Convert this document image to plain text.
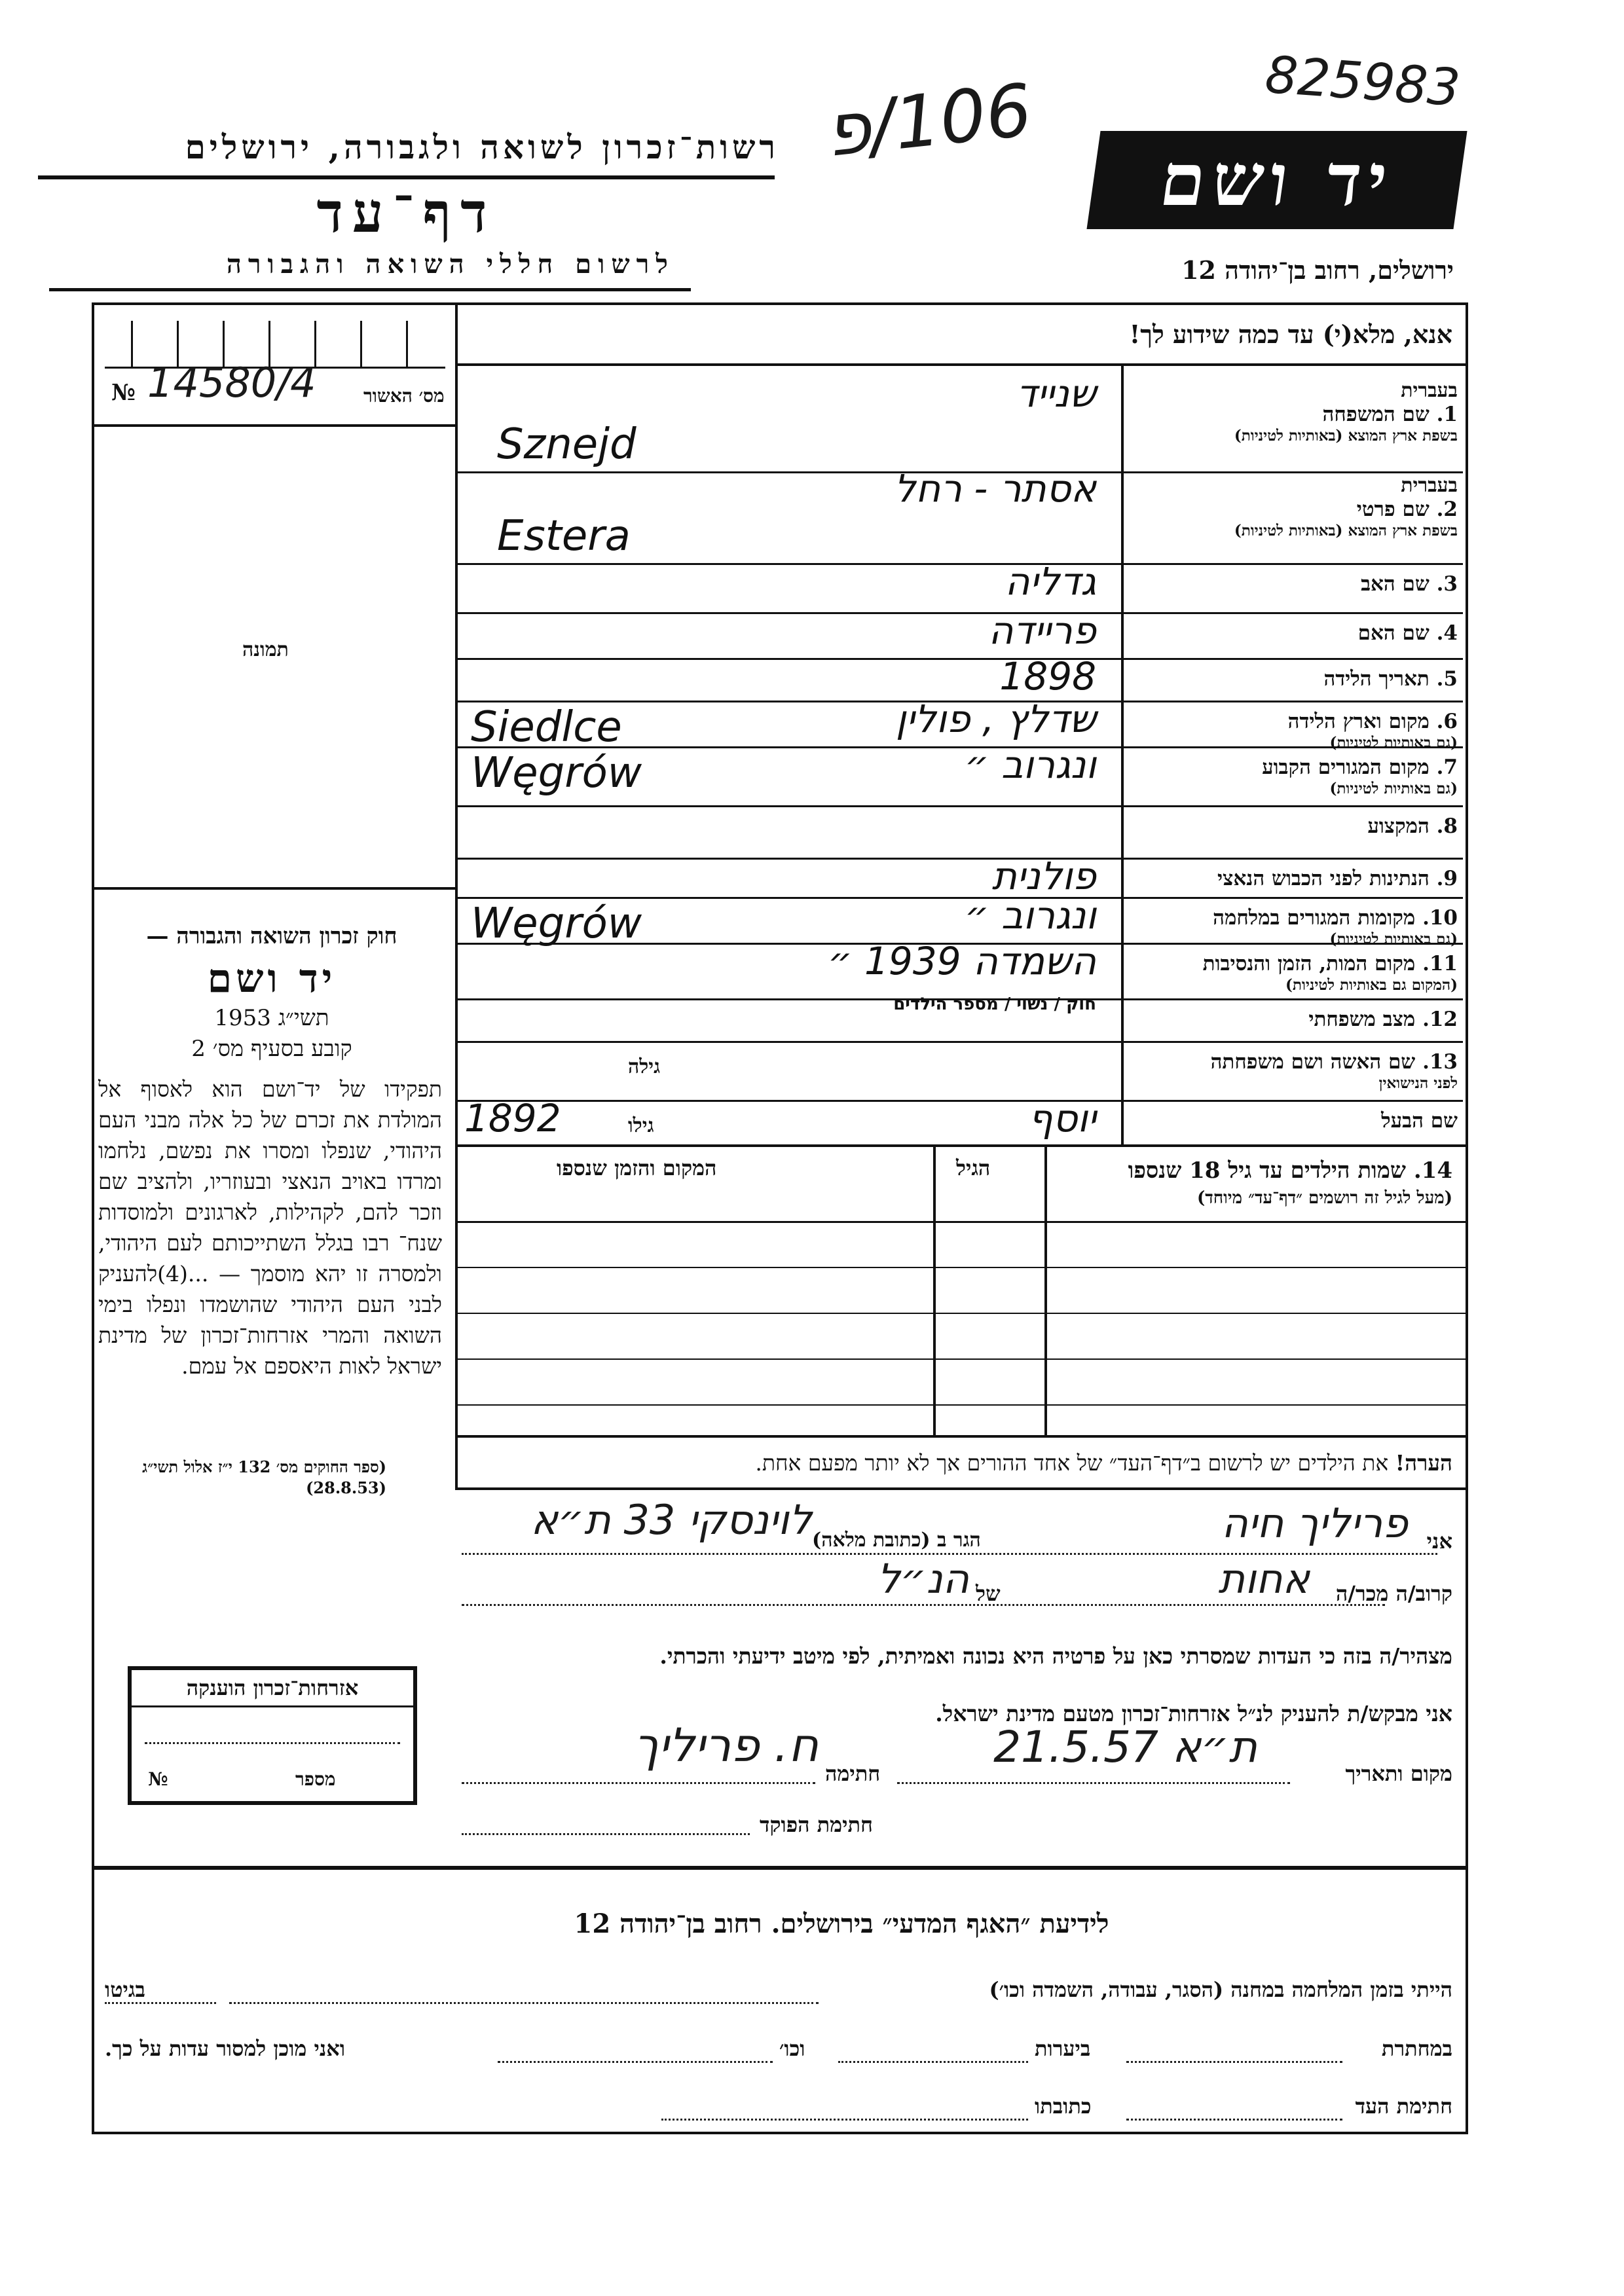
825983
106/פ
רשות־זכרון לשואה ולגבורה, ירושלים
דף־עד
לרשום חללי השואה והגבורה
יד ושם
ירושלים, רחוב בן־יהודה 12
אנא, מלא(י) עד כמה שידוע לך!
№ 14580/4	מס׳ האשור
תמונה
חוק זכרון השואה והגבורה —
יד ושם
תשי״ג 1953
קובע בסעיף מס׳ 2
תפקידו של יד־ושם הוא לאסוף אל המולדת את זכרם של כל אלה מבני העם היהודי, שנפלו ומסרו את נפשם, נלחמו ומרדו באויב הנאצי ובעוזריו, ולהציב שם וזכר להם, לקהילות, לארגונים ולמוסדות שנח־ רבו בגלל השתייכותם לעם היהודי, ולמסרה זו יהא מוסמך — ...(4)להעניק לבני העם היהודי שהושמדו ונפלו בימי השואה והמרי אזרחות־זכרון של מדינת ישראל לאות היאספם אל עמם.
(ספר החוקים מס׳ 132 י״ז אלול תשי״ג (28.8.53)
אזרחות־זכרון הוענקה
מספר
№
1. שם המשפחה
בשפת ארץ המוצא (באותיות לטיניות)
בעברית
שנייד
Sznejd
2. שם פרטי
בשפת ארץ המוצא (באותיות לטיניות)
בעברית
אסתר - רחל
Estera
3. שם האב
גדליה
4. שם האם
פריידה
5. תאריך הלידה
1898
6. מקום וארץ הלידה
(גם באותיות לטיניות)
שדלץ , פולין
Siedlce
7. מקום המגורים הקבוע
(גם באותיות לטיניות)
ונגרוב ״
Węgrów
8. המקצוע
9. הנתינות לפני הכבוש הנאצי
פולנית
10. מקומות המגורים במלחמה
(גם באותיות לטיניות)
ונגרוב ״
Węgrów
11. מקום המות, הזמן והנסיבות
(המקום גם באותיות לטיניות)
השמדה 1939 ״
12. מצב משפחתי
חוק / נשוי / מספר הילדים
13. שם האשה ושם משפחתה
לפני הנישואין
גילה
שם הבעל
יוסף
גילו
1892
14. שמות הילדים עד גיל 18 שנספו
(מעל לגיל זה רושמים ״דף־עד״ מיוחד)
הגיל
המקום והזמן שנספו
הערה! את הילדים יש לרשום ב״דף־העד״ של אחד ההורים אך לא יותר מפעם אחת.
אני
פריליך חיה
הגר ב (כתובת מלאה)
לוינסקי 33 ת״א
קרוב/ה מכר/ה
אחות
של
הנ״ל
מצהיר/ה בזה כי העדות שמסרתי כאן על פרטיה היא נכונה ואמיתית, לפי מיטב ידיעתי והכרתי.
אני מבקש/ת להעניק לנ״ל אזרחות־זכרון מטעם מדינת ישראל.
מקום ותאריך
ת״א 21.5.57
חתימה
ח. פריליך
חתימת הפוקד
לידיעת ״האגף המדעי״ בירושלים. רחוב בן־יהודה 12
הייתי בזמן המלחמה במחנה (הסגר, עבודה, השמדה וכו׳)
בגיטו
במחתרת
ביערות
וכו׳
ואני מוכן למסור עדות על כך.
חתימת העד
כתובתו
